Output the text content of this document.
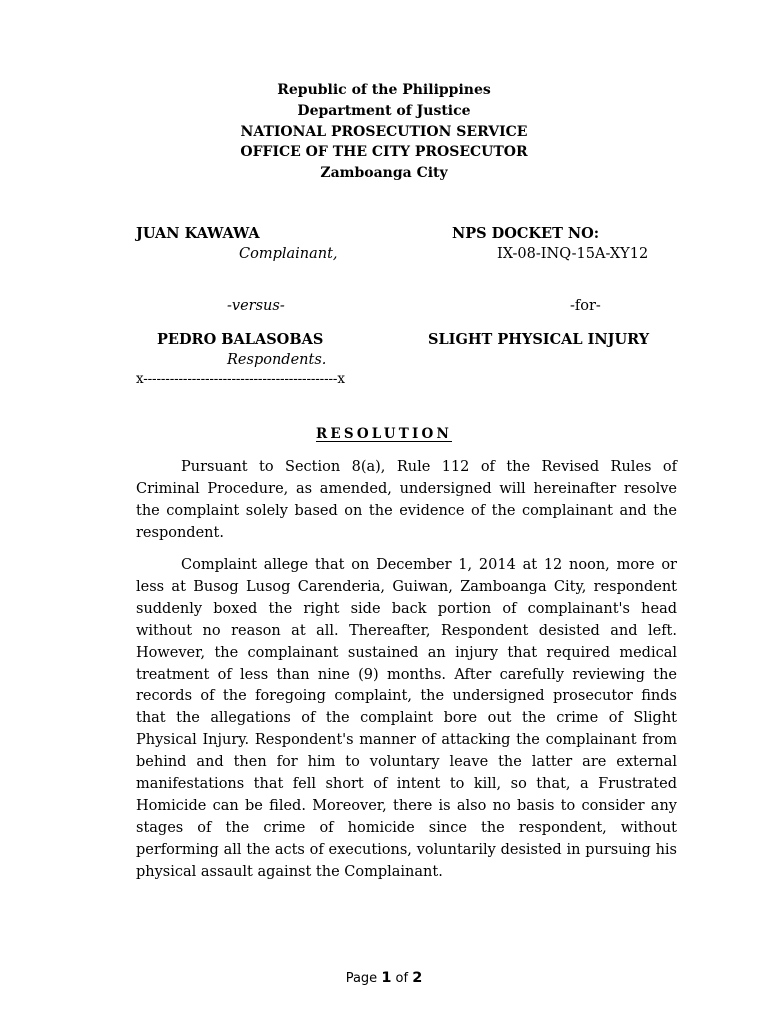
Republic of the Philippines
Department of Justice
NATIONAL PROSECUTION SERVICE
OFFICE OF THE CITY PROSECUTOR
Zamboanga City
JUAN KAWAWA
Complainant,
NPS DOCKET NO:
IX-08-INQ-15A-XY12
-versus-	-for-
PEDRO BALASOBAS
Respondents.
SLIGHT PHYSICAL INJURY
x--------------------------------------------x
RESOLUTION

Pursuant to Section 8(a), Rule 112 of the Revised Rules of Criminal Procedure, as amended, undersigned will hereinafter resolve the complaint solely based on the evidence of the complainant and the respondent.

Complaint allege that on December 1, 2014 at 12 noon, more or less at Busog Lusog Carenderia, Guiwan, Zamboanga City, respondent suddenly boxed the right side back portion of complainant's head without no reason at all. Thereafter, Respondent desisted and left. However, the complainant sustained an injury that required medical treatment of less than nine (9) months. After carefully reviewing the records of the foregoing complaint, the undersigned prosecutor finds that the allegations of the complaint bore out the crime of Slight Physical Injury. Respondent's manner of attacking the complainant from behind and then for him to voluntary leave the latter are external manifestations that fell short of intent to kill, so that, a Frustrated Homicide can be filed. Moreover, there is also no basis to consider any stages of the crime of homicide since the respondent, without performing all the acts of executions, voluntarily desisted in pursuing his physical assault against the Complainant.

Page 1 of 2
